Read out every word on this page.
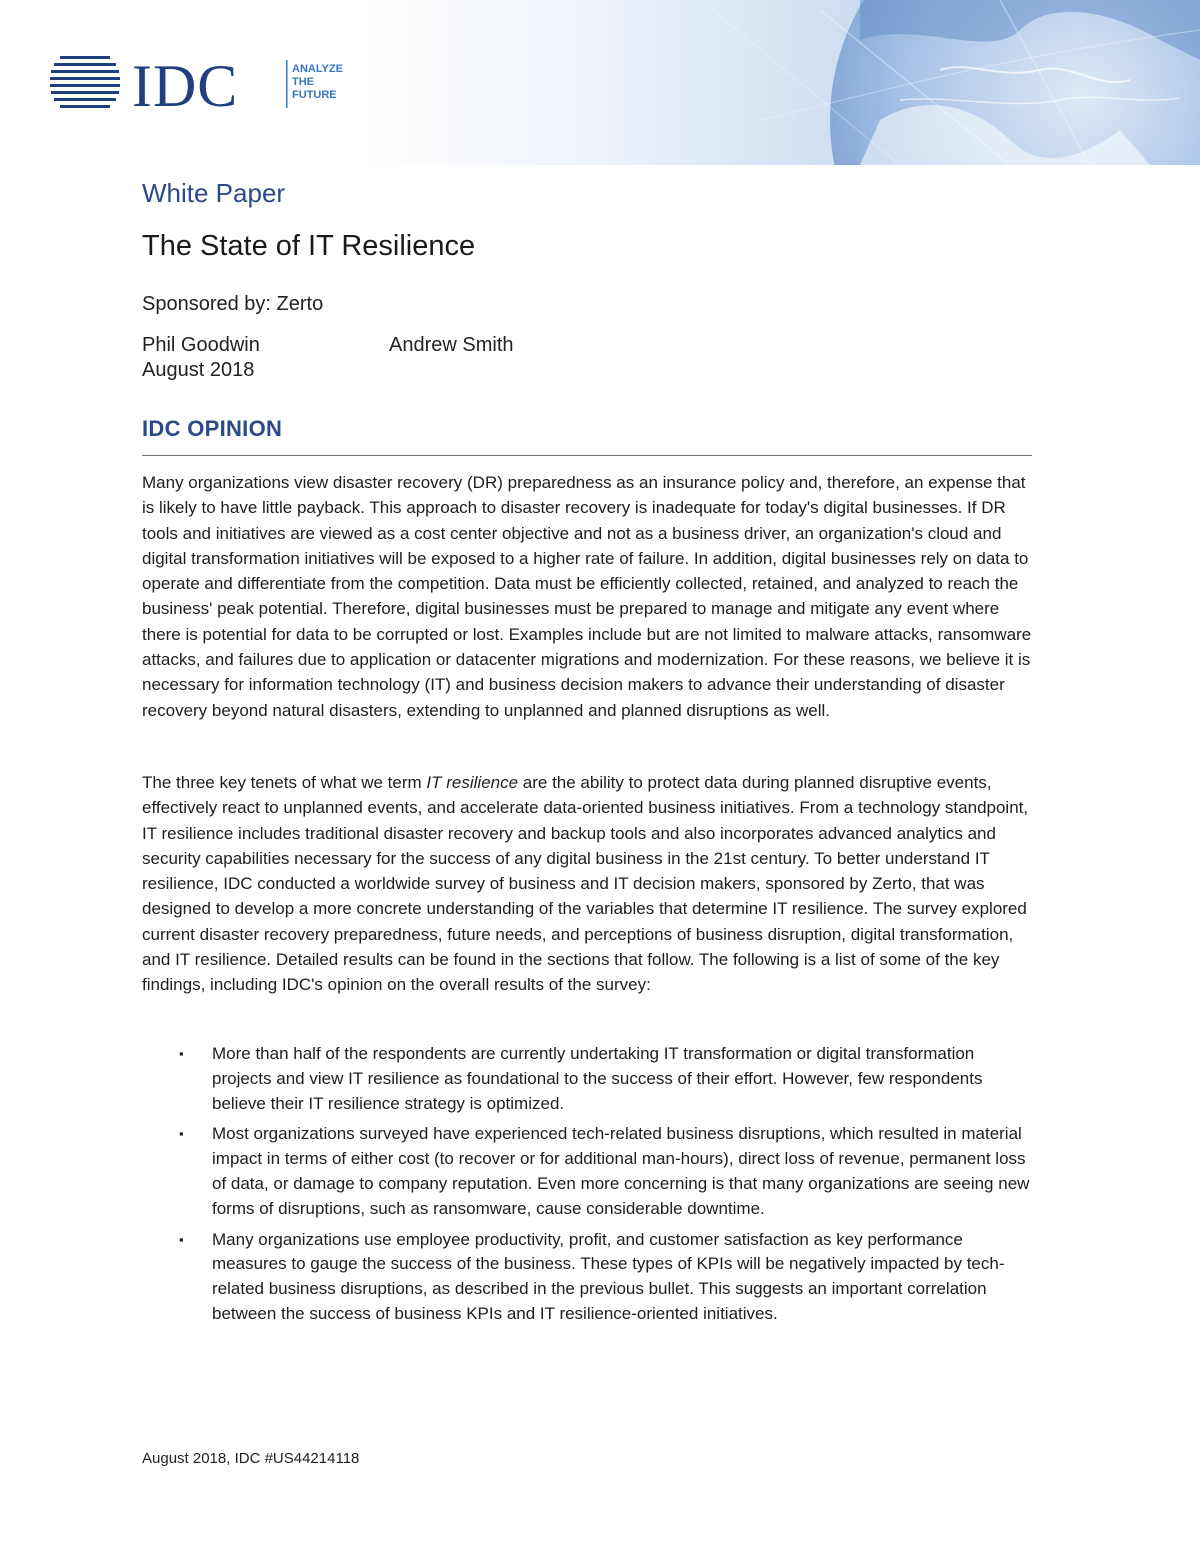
IDC	ANALYZE
THE
FUTURE
White Paper
The State of IT Resilience
Sponsored by: Zerto
Phil Goodwin	Andrew Smith
August 2018
IDC OPINION

Many organizations view disaster recovery (DR) preparedness as an insurance policy and, therefore, an expense that is likely to have little payback. This approach to disaster recovery is inadequate for today's digital businesses. If DR tools and initiatives are viewed as a cost center objective and not as a business driver, an organization's cloud and digital transformation initiatives will be exposed to a higher rate of failure. In addition, digital businesses rely on data to operate and differentiate from the competition. Data must be efficiently collected, retained, and analyzed to reach the business' peak potential. Therefore, digital businesses must be prepared to manage and mitigate any event where there is potential for data to be corrupted or lost. Examples include but are not limited to malware attacks, ransomware attacks, and failures due to application or datacenter migrations and modernization. For these reasons, we believe it is necessary for information technology (IT) and business decision makers to advance their understanding of disaster recovery beyond natural disasters, extending to unplanned and planned disruptions as well.

The three key tenets of what we term IT resilience are the ability to protect data during planned disruptive events, effectively react to unplanned events, and accelerate data-oriented business initiatives. From a technology standpoint, IT resilience includes traditional disaster recovery and backup tools and also incorporates advanced analytics and security capabilities necessary for the success of any digital business in the 21st century. To better understand IT resilience, IDC conducted a worldwide survey of business and IT decision makers, sponsored by Zerto, that was designed to develop a more concrete understanding of the variables that determine IT resilience. The survey explored current disaster recovery preparedness, future needs, and perceptions of business disruption, digital transformation, and IT resilience. Detailed results can be found in the sections that follow. The following is a list of some of the key findings, including IDC's opinion on the overall results of the survey:

▪ More than half of the respondents are currently undertaking IT transformation or digital transformation projects and view IT resilience as foundational to the success of their effort. However, few respondents believe their IT resilience strategy is optimized.
▪ Most organizations surveyed have experienced tech-related business disruptions, which resulted in material impact in terms of either cost (to recover or for additional man-hours), direct loss of revenue, permanent loss of data, or damage to company reputation. Even more concerning is that many organizations are seeing new forms of disruptions, such as ransomware, cause considerable downtime.
▪ Many organizations use employee productivity, profit, and customer satisfaction as key performance measures to gauge the success of the business. These types of KPIs will be negatively impacted by tech-related business disruptions, as described in the previous bullet. This suggests an important correlation between the success of business KPIs and IT resilience-oriented initiatives.
August 2018, IDC #US44214118
